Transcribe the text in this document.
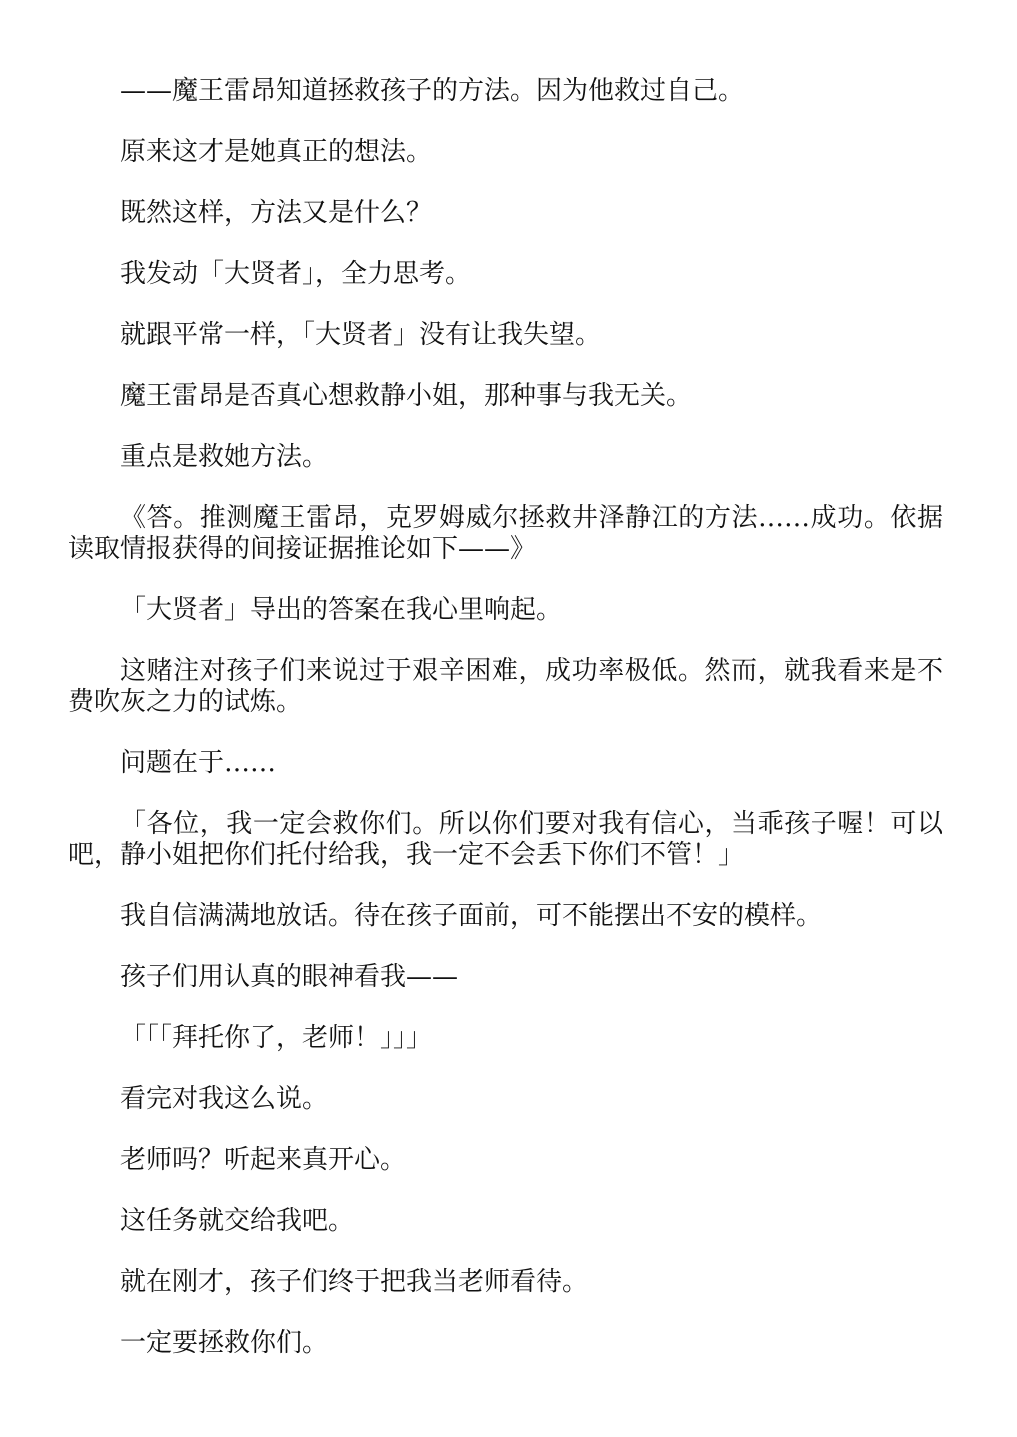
——魔王雷昂知道拯救孩子的方法。因为他救过自己。

原来这才是她真正的想法。

既然这样，方法又是什么？

我发动「大贤者」，全力思考。

就跟平常一样，「大贤者」没有让我失望。

魔王雷昂是否真心想救静小姐，那种事与我无关。

重点是救她方法。

《答。推测魔王雷昂，克罗姆威尔拯救井泽静江的方法……成功。依据读取情报获得的间接证据推论如下——》

「大贤者」导出的答案在我心里响起。

这赌注对孩子们来说过于艰辛困难，成功率极低。然而，就我看来是不费吹灰之力的试炼。

问题在于……

「各位，我一定会救你们。所以你们要对我有信心，当乖孩子喔！可以吧，静小姐把你们托付给我，我一定不会丢下你们不管！」

我自信满满地放话。待在孩子面前，可不能摆出不安的模样。

孩子们用认真的眼神看我——

「「「拜托你了，老师！」」」

看完对我这么说。

老师吗？听起来真开心。

这任务就交给我吧。

就在刚才，孩子们终于把我当老师看待。

一定要拯救你们。
